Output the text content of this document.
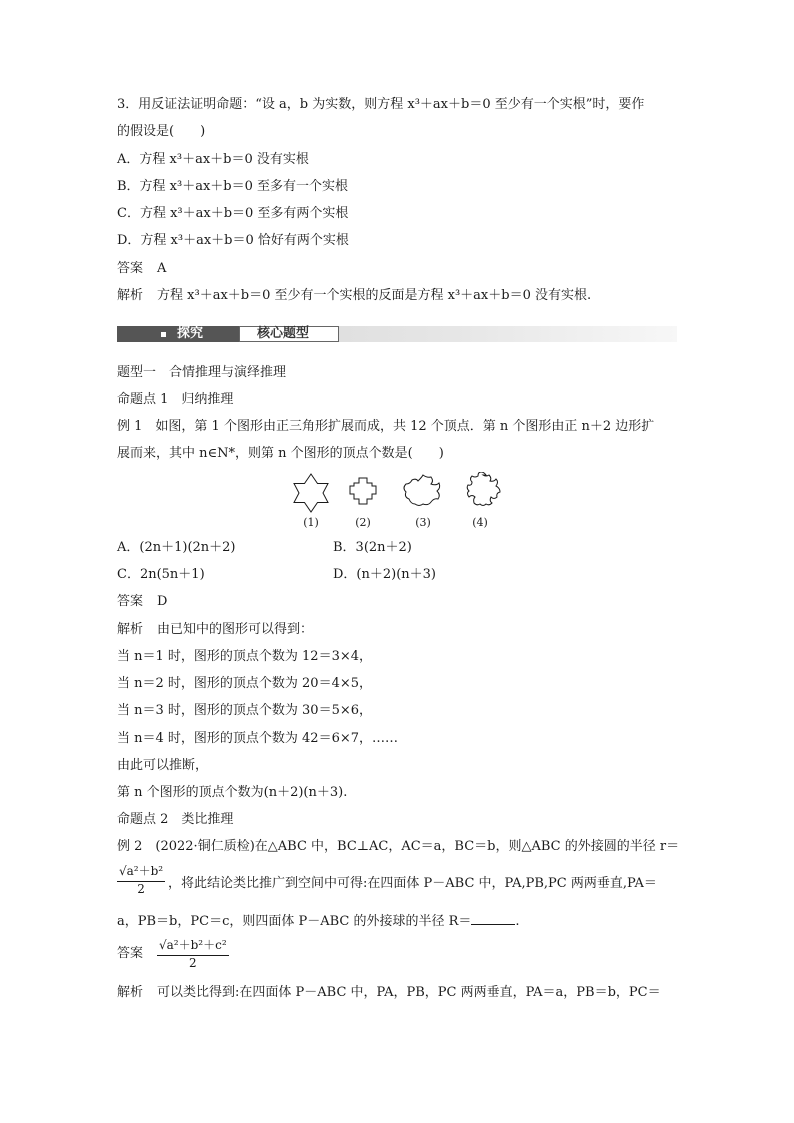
3．用反证法证明命题：“设 a，b 为实数，则方程 x³＋ax＋b＝0 至少有一个实根”时，要作
的假设是(　　)
A．方程 x³＋ax＋b＝0 没有实根
B．方程 x³＋ax＋b＝0 至多有一个实根
C．方程 x³＋ax＋b＝0 至多有两个实根
D．方程 x³＋ax＋b＝0 恰好有两个实根
答案 A
解析 方程 x³＋ax＋b＝0 至少有一个实根的反面是方程 x³＋ax＋b＝0 没有实根.
探究	核心题型
题型一　合情推理与演绎推理
命题点 1　归纳推理
例 1　如图，第 1 个图形由正三角形扩展而成，共 12 个顶点．第 n 个图形由正 n＋2 边形扩
展而来，其中 n∈N*，则第 n 个图形的顶点个数是(　　)
(1)	(2)	(3)	(4)
A．(2n＋1)(2n＋2)	B．3(2n＋2)
C．2n(5n＋1)	D．(n＋2)(n＋3)
答案 D
解析 由已知中的图形可以得到：
当 n＝1 时，图形的顶点个数为 12＝3×4，
当 n＝2 时，图形的顶点个数为 20＝4×5，
当 n＝3 时，图形的顶点个数为 30＝5×6，
当 n＝4 时，图形的顶点个数为 42＝6×7，……
由此可以推断，
第 n 个图形的顶点个数为(n＋2)(n＋3).
命题点 2　类比推理
例 2　(2022·铜仁质检)在△ABC 中，BC⊥AC，AC＝a，BC＝b，则△ABC 的外接圆的半径 r＝
$\frac{\text{√a²＋b²}}{2}$ ，将此结论类比推广到空间中可得:在四面体 P－ABC 中，PA,PB,PC 两两垂直,PA＝
a，PB＝b，PC＝c，则四面体 P－ABC 的外接球的半径 R＝	.
答案	$\frac{\text{√a²＋b²＋c²}}{2}$
解析 可以类比得到:在四面体 P－ABC 中，PA，PB，PC 两两垂直，PA＝a，PB＝b，PC＝
